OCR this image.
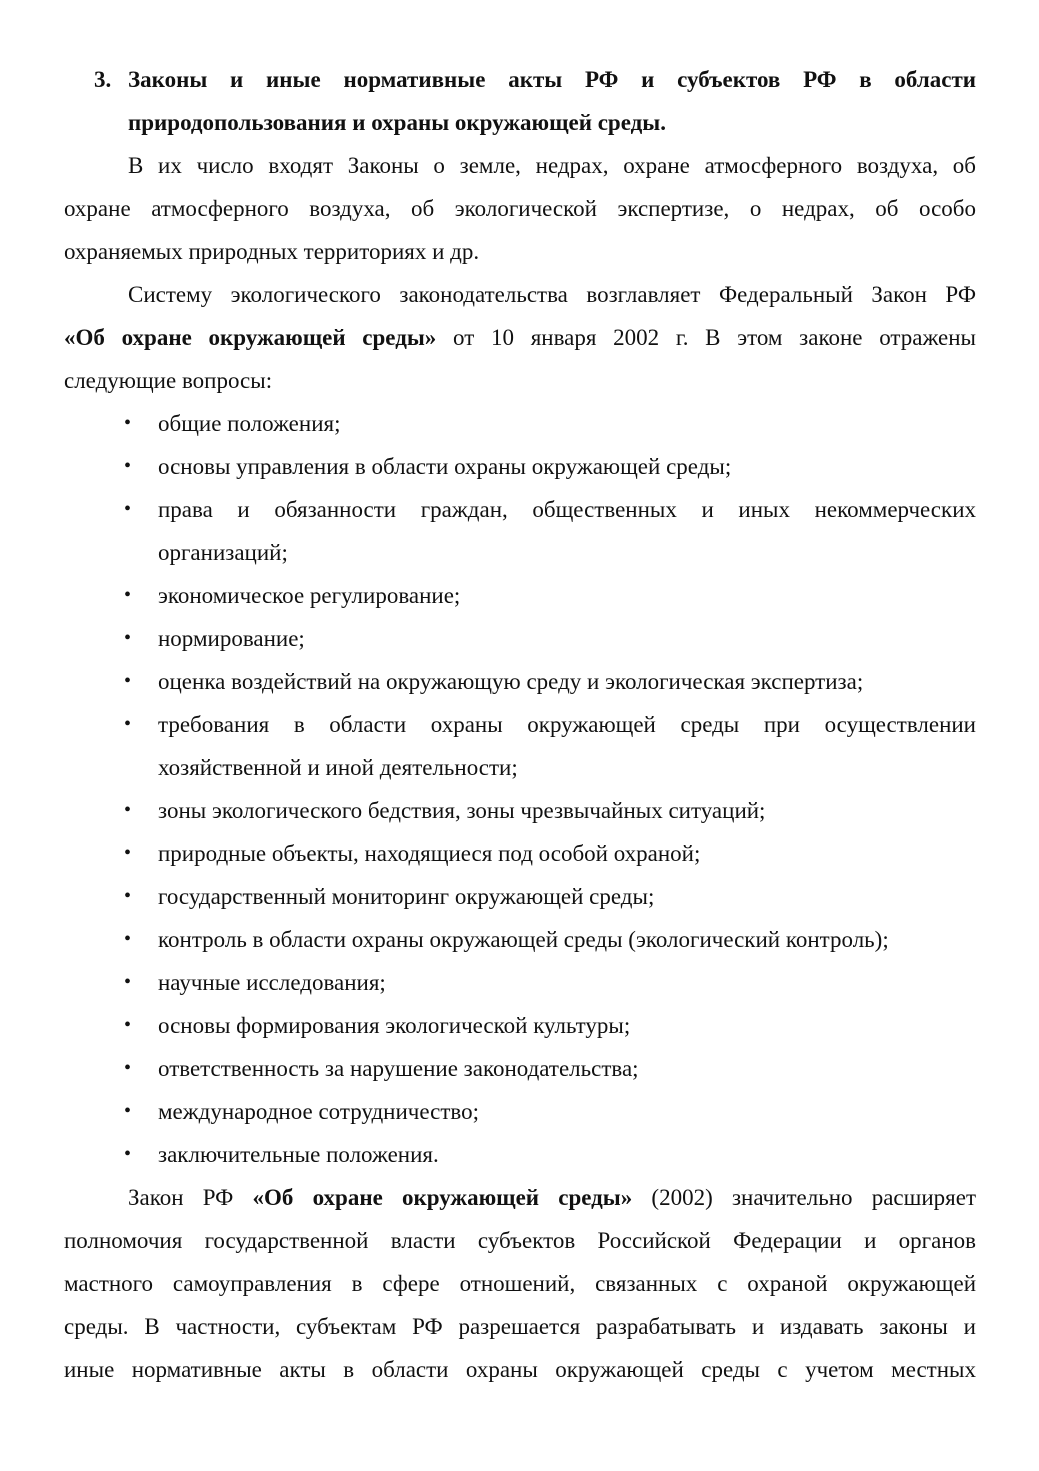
3. Законы и иные нормативные акты РФ и субъектов РФ в области
природопользования и охраны окружающей среды.
В их число входят Законы о земле, недрах, охране атмосферного воздуха, об
охране атмосферного воздуха, об экологической экспертизе, о недрах, об особо
охраняемых природных территориях и др.
Систему экологического законодательства возглавляет Федеральный Закон РФ
«Об охране окружающей среды» от 10 января 2002 г. В этом законе отражены
следующие вопросы:
• общие положения;
• основы управления в области охраны окружающей среды;
• права и обязанности граждан, общественных и иных некоммерческих
организаций;
• экономическое регулирование;
• нормирование;
• оценка воздействий на окружающую среду и экологическая экспертиза;
• требования в области охраны окружающей среды при осуществлении
хозяйственной и иной деятельности;
• зоны экологического бедствия, зоны чрезвычайных ситуаций;
• природные объекты, находящиеся под особой охраной;
• государственный мониторинг окружающей среды;
• контроль в области охраны окружающей среды (экологический контроль);
• научные исследования;
• основы формирования экологической культуры;
• ответственность за нарушение законодательства;
• международное сотрудничество;
• заключительные положения.
Закон РФ «Об охране окружающей среды» (2002) значительно расширяет
полномочия государственной власти субъектов Российской Федерации и органов
мастного самоуправления в сфере отношений, связанных с охраной окружающей
среды. В частности, субъектам РФ разрешается разрабатывать и издавать законы и
иные нормативные акты в области охраны окружающей среды с учетом местных
